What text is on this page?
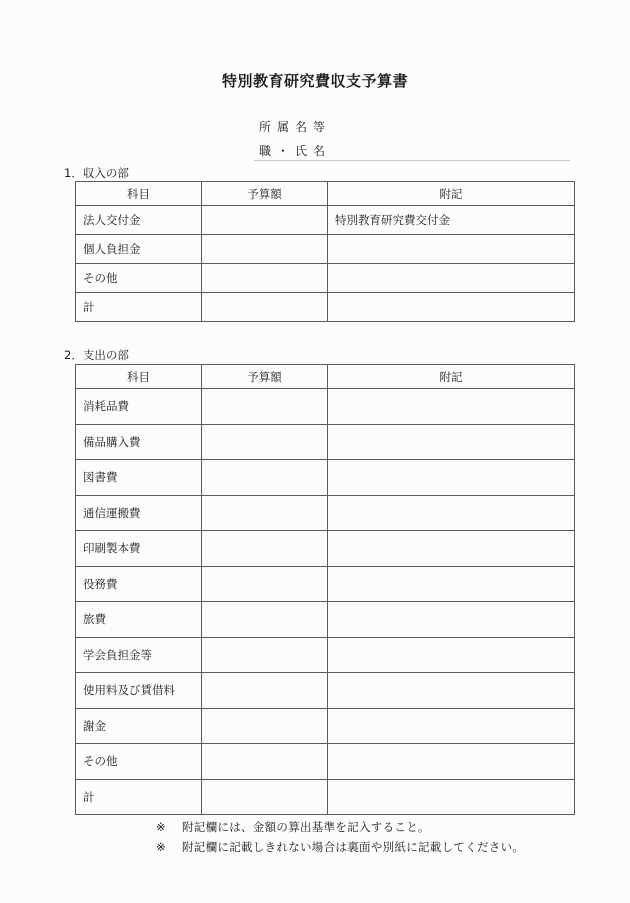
特別教育研究費収支予算書
所属名等
職・氏名
1．収入の部
科目	予算額	附記
法人交付金		特別教育研究費交付金
個人負担金		
その他		
計		
2．支出の部
科目	予算額	附記
消耗品費		
備品購入費		
図書費		
通信運搬費		
印刷製本費		
役務費		
旅費		
学会負担金等		
使用料及び賃借料		
謝金		
その他		
計		
※ 附記欄には、金額の算出基準を記入すること。
※ 附記欄に記載しきれない場合は裏面や別紙に記載してください。
